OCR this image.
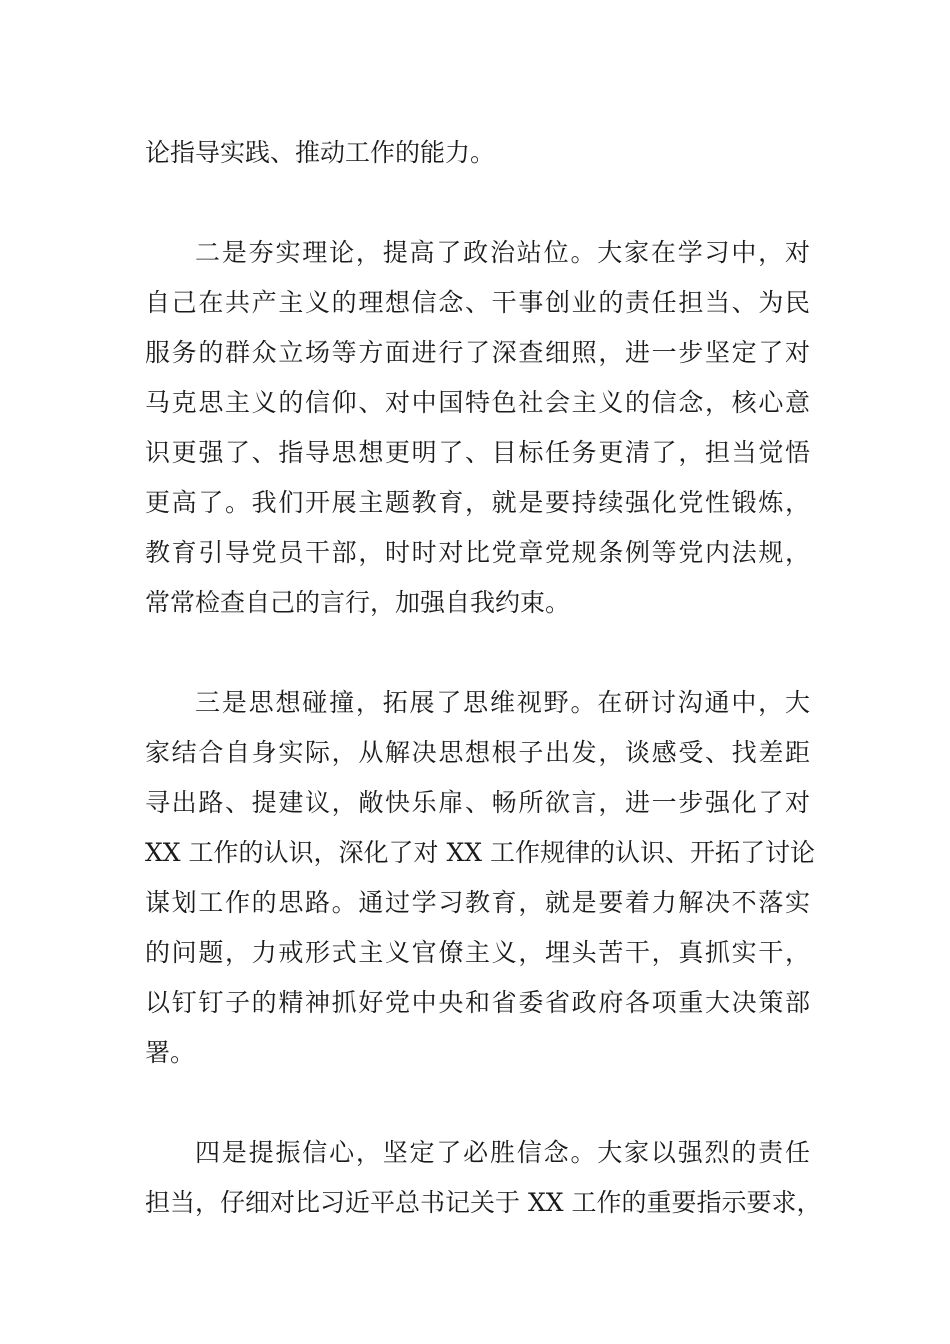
论指导实践、推动工作的能力。
二是夯实理论，提高了政治站位。大家在学习中，对
自己在共产主义的理想信念、干事创业的责任担当、为民
服务的群众立场等方面进行了深查细照，进一步坚定了对
马克思主义的信仰、对中国特色社会主义的信念，核心意
识更强了、指导思想更明了、目标任务更清了，担当觉悟
更高了。我们开展主题教育，就是要持续强化党性锻炼，
教育引导党员干部，时时对比党章党规条例等党内法规，
常常检查自己的言行，加强自我约束。
三是思想碰撞，拓展了思维视野。在研讨沟通中，大
家结合自身实际，从解决思想根子出发，谈感受、找差距
寻出路、提建议，敞快乐扉、畅所欲言，进一步强化了对
XX 工作的认识，深化了对 XX 工作规律的认识、开拓了讨论
谋划工作的思路。通过学习教育，就是要着力解决不落实
的问题，力戒形式主义官僚主义，埋头苦干，真抓实干，
以钉钉子的精神抓好党中央和省委省政府各项重大决策部
署。
四是提振信心，坚定了必胜信念。大家以强烈的责任
担当，仔细对比习近平总书记关于 XX 工作的重要指示要求，
